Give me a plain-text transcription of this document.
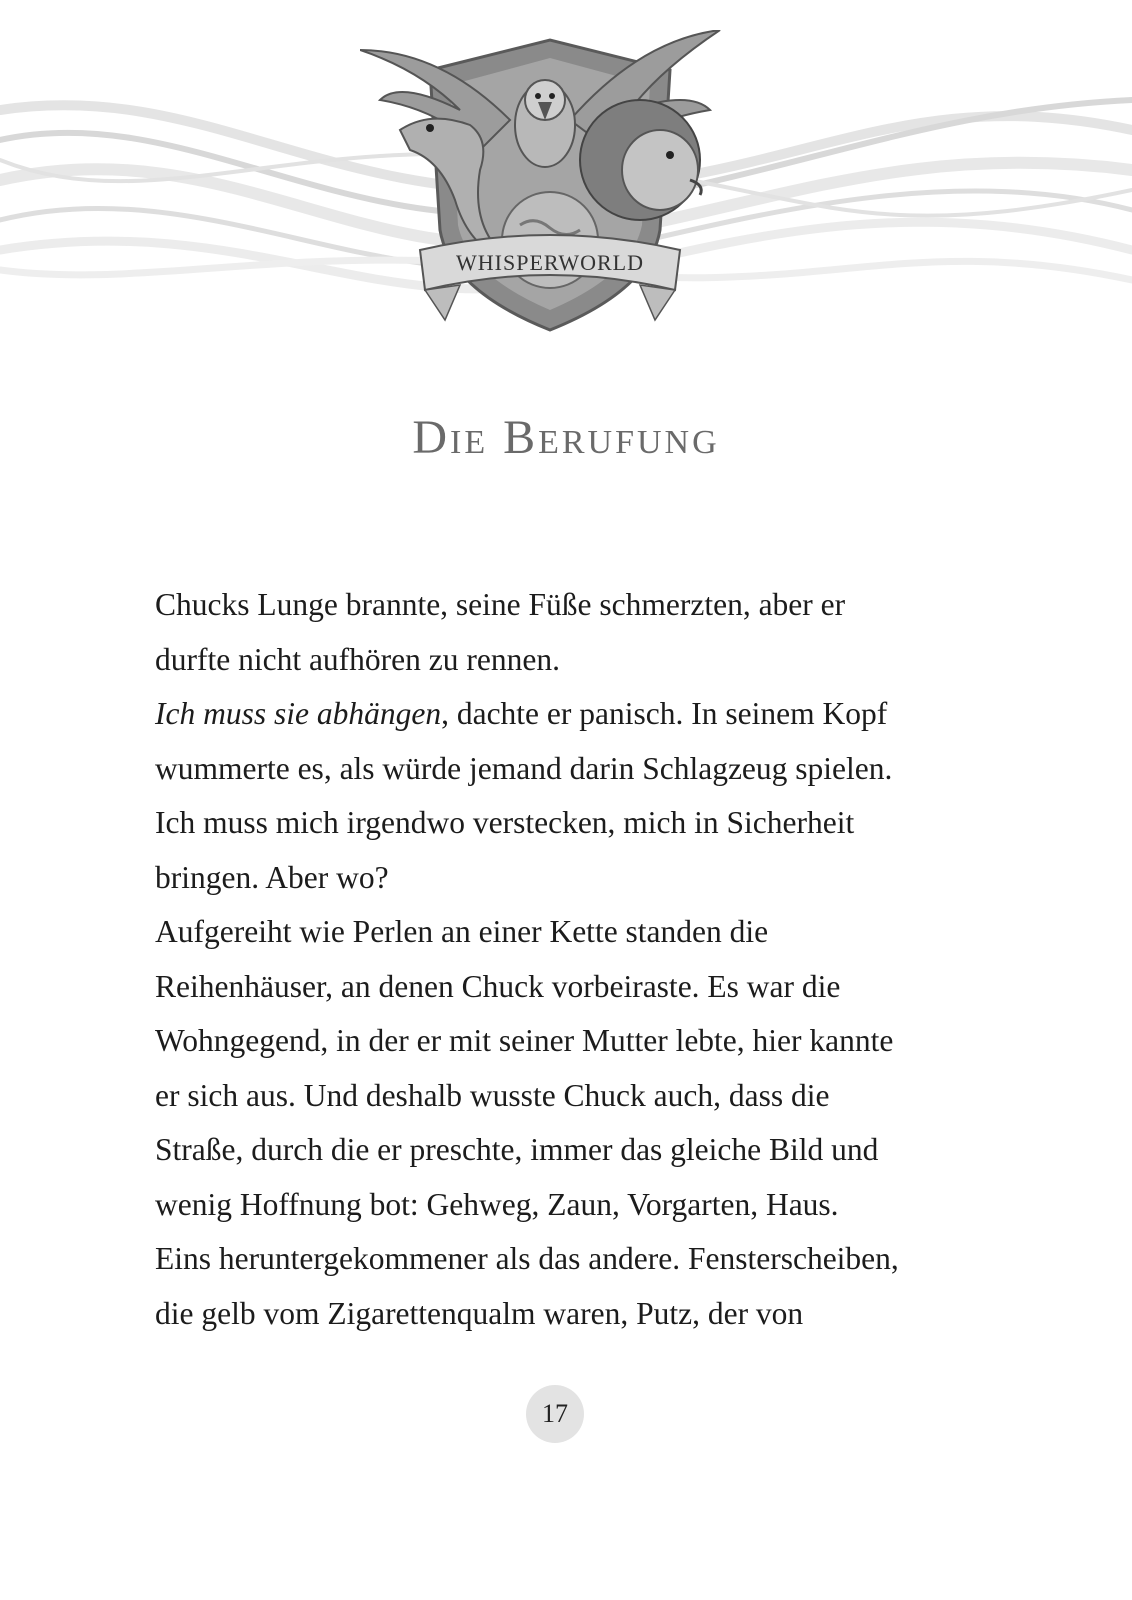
WHISPERWORLD
Die Berufung
Chucks Lunge brannte, seine Füße schmerzten, aber er
durfte nicht aufhören zu rennen.
Ich muss sie abhängen, dachte er panisch. In seinem Kopf
wummerte es, als würde jemand darin Schlagzeug spielen.
Ich muss mich irgendwo verstecken, mich in Sicherheit
bringen. Aber wo?
Aufgereiht wie Perlen an einer Kette standen die
Reihenhäuser, an denen Chuck vorbeiraste. Es war die
Wohngegend, in der er mit seiner Mutter lebte, hier kannte
er sich aus. Und deshalb wusste Chuck auch, dass die
Straße, durch die er preschte, immer das gleiche Bild und
wenig Hoffnung bot: Gehweg, Zaun, Vorgarten, Haus.
Eins heruntergekommener als das andere. Fensterscheiben,
die gelb vom Zigarettenqualm waren, Putz, der von
17
